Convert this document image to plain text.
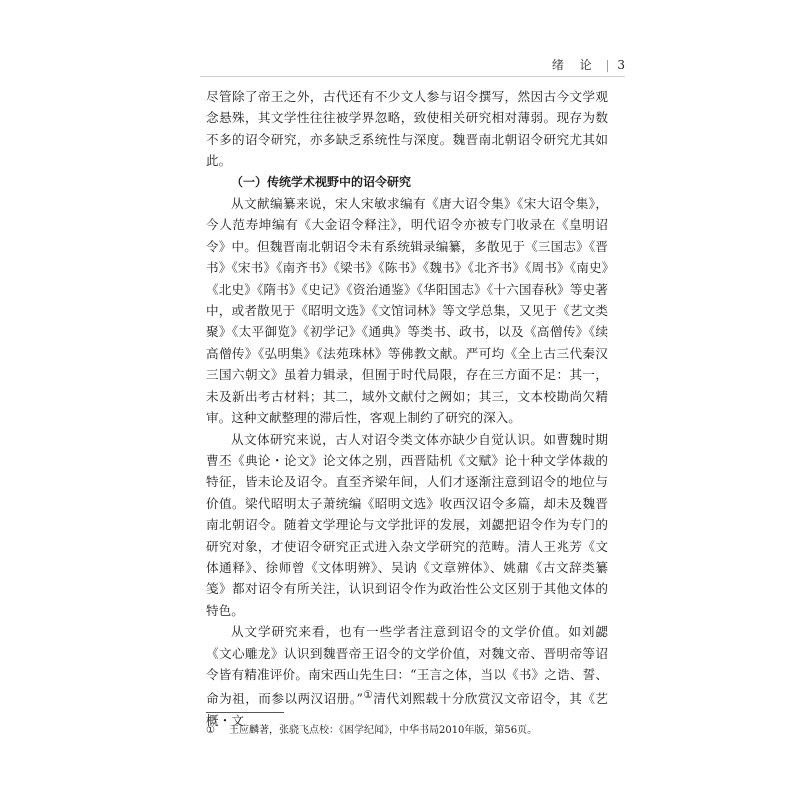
绪 论 | 3

尽管除了帝王之外，古代还有不少文人参与诏令撰写，然因古今文学观念悬殊，其文学性往往被学界忽略，致使相关研究相对薄弱。现存为数不多的诏令研究，亦多缺乏系统性与深度。魏晋南北朝诏令研究尤其如此。

（一）传统学术视野中的诏令研究

从文献编纂来说，宋人宋敏求编有《唐大诏令集》《宋大诏令集》，今人范寿坤编有《大金诏令释注》，明代诏令亦被专门收录在《皇明诏令》中。但魏晋南北朝诏令未有系统辑录编纂，多散见于《三国志》《晋书》《宋书》《南齐书》《梁书》《陈书》《魏书》《北齐书》《周书》《南史》《北史》《隋书》《史记》《资治通鉴》《华阳国志》《十六国春秋》等史著中，或者散见于《昭明文选》《文馆词林》等文学总集，又见于《艺文类聚》《太平御览》《初学记》《通典》等类书、政书，以及《高僧传》《续高僧传》《弘明集》《法苑珠林》等佛教文献。严可均《全上古三代秦汉三国六朝文》虽着力辑录，但囿于时代局限，存在三方面不足：其一，未及新出考古材料；其二，域外文献付之阙如；其三，文本校勘尚欠精审。这种文献整理的滞后性，客观上制约了研究的深入。

从文体研究来说，古人对诏令类文体亦缺少自觉认识。如曹魏时期曹丕《典论・论文》论文体之别，西晋陆机《文赋》论十种文学体裁的特征，皆未论及诏令。直至齐梁年间，人们才逐渐注意到诏令的地位与价值。梁代昭明太子萧统编《昭明文选》收西汉诏令多篇，却未及魏晋南北朝诏令。随着文学理论与文学批评的发展，刘勰把诏令作为专门的研究对象，才使诏令研究正式进入杂文学研究的范畴。清人王兆芳《文体通释》、徐师曾《文体明辨》、吴讷《文章辨体》、姚鼐《古文辞类纂笺》都对诏令有所关注，认识到诏令作为政治性公文区别于其他文体的特色。

从文学研究来看，也有一些学者注意到诏令的文学价值。如刘勰《文心雕龙》认识到魏晋帝王诏令的文学价值，对魏文帝、晋明帝等诏令皆有精准评价。南宋西山先生曰：“王言之体，当以《书》之诰、誓、命为祖，而参以两汉诏册。”①清代刘熙载十分欣赏汉文帝诏令，其《艺概・文

① 王应麟著，张骁飞点校：《困学纪闻》，中华书局2010年版，第56页。
